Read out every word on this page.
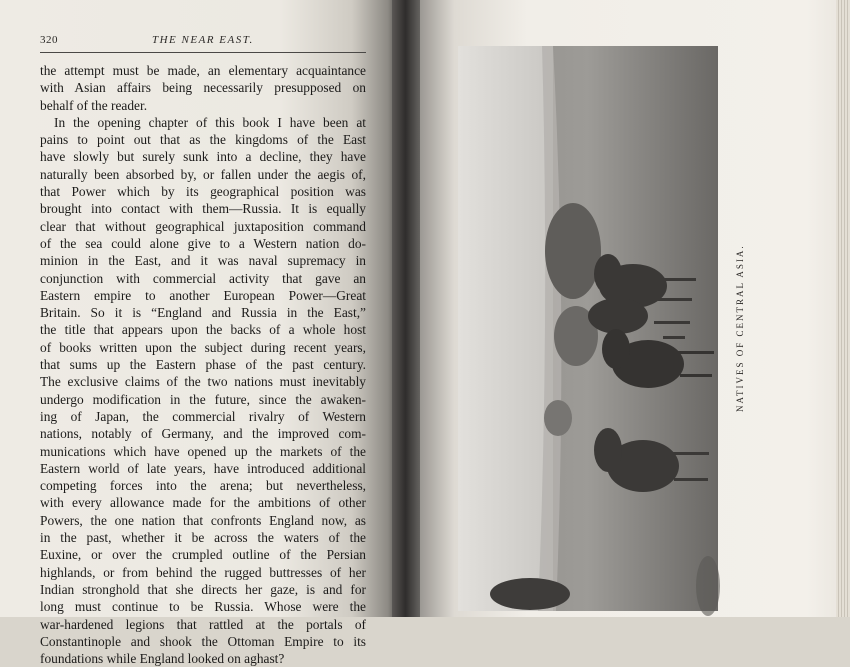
320	THE NEAR EAST.
the attempt must be made, an elementary acquaintance
with Asian affairs being necessarily presupposed on
behalf of the reader.
In the opening chapter of this book I have been at
pains to point out that as the kingdoms of the East
have slowly but surely sunk into a decline, they have
naturally been absorbed by, or fallen under the aegis of,
that Power which by its geographical position was
brought into contact with them—Russia. It is equally
clear that without geographical juxtaposition command
of the sea could alone give to a Western nation do-
minion in the East, and it was naval supremacy in
conjunction with commercial activity that gave an
Eastern empire to another European Power—Great
Britain. So it is “England and Russia in the East,”
the title that appears upon the backs of a whole host
of books written upon the subject during recent years,
that sums up the Eastern phase of the past century.
The exclusive claims of the two nations must inevitably
undergo modification in the future, since the awaken-
ing of Japan, the commercial rivalry of Western
nations, notably of Germany, and the improved com-
munications which have opened up the markets of the
Eastern world of late years, have introduced additional
competing forces into the arena; but nevertheless,
with every allowance made for the ambitions of other
Powers, the one nation that confronts England now, as
in the past, whether it be across the waters of the
Euxine, or over the crumpled outline of the Persian
highlands, or from behind the rugged buttresses of her
Indian stronghold that she directs her gaze, is and for
long must continue to be Russia. Whose were the
war-hardened legions that rattled at the portals of
Constantinople and shook the Ottoman Empire to its
foundations while England looked on aghast?
NATIVES OF CENTRAL ASIA.
